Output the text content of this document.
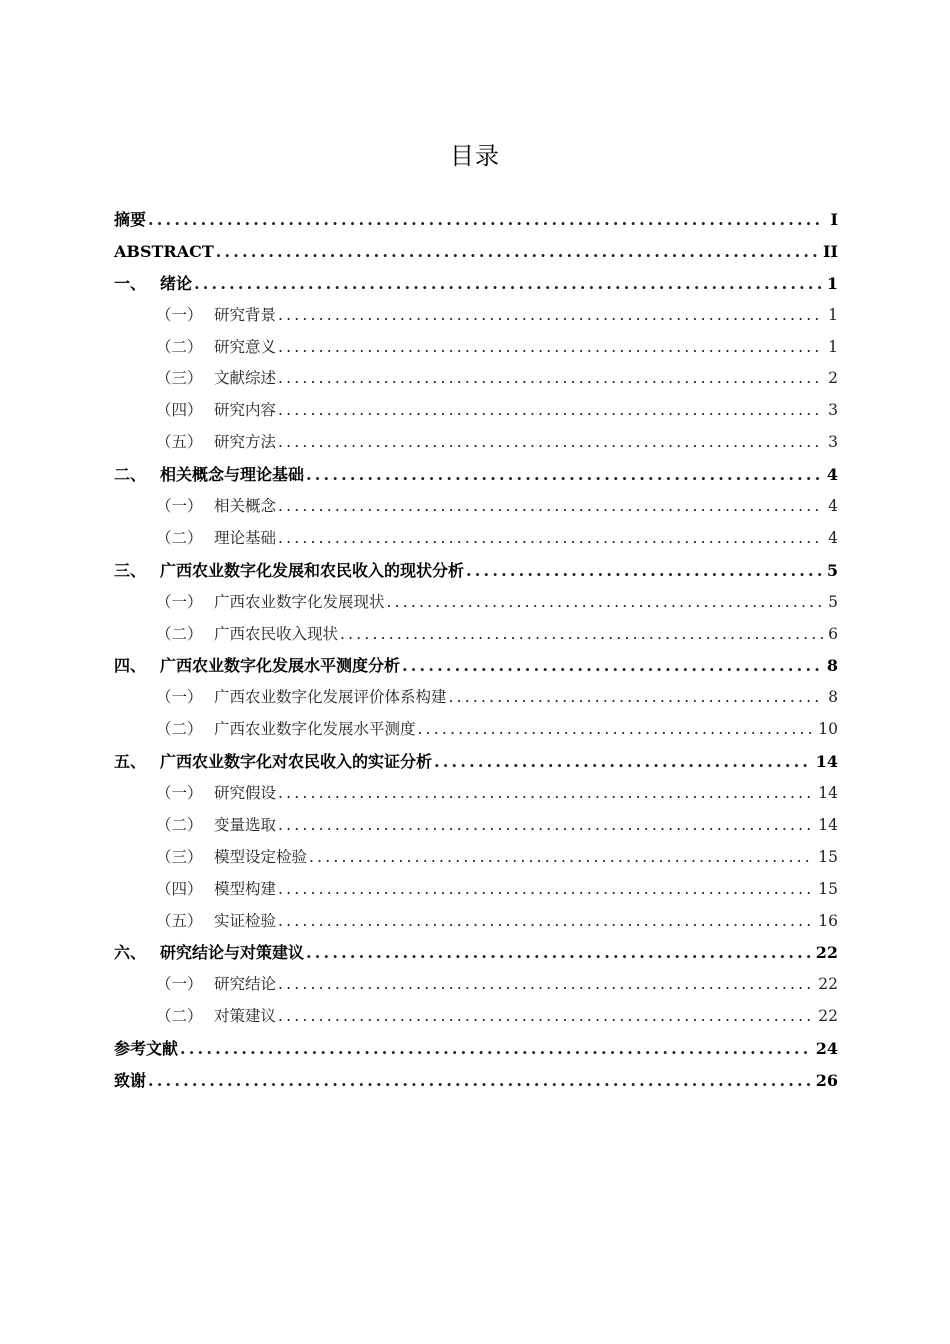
目录
摘要 .....	I
ABSTRACT .....	II
一、 绪论 .....	1
（一） 研究背景 .....	1
（二） 研究意义 .....	1
（三） 文献综述 .....	2
（四） 研究内容 .....	3
（五） 研究方法 .....	3
二、 相关概念与理论基础 .....	4
（一） 相关概念 .....	4
（二） 理论基础 .....	4
三、 广西农业数字化发展和农民收入的现状分析 .....	5
（一） 广西农业数字化发展现状 .....	5
（二） 广西农民收入现状 .....	6
四、 广西农业数字化发展水平测度分析 .....	8
（一） 广西农业数字化发展评价体系构建 .....	8
（二） 广西农业数字化发展水平测度 .....	10
五、 广西农业数字化对农民收入的实证分析 .....	14
（一） 研究假设 .....	14
（二） 变量选取 .....	14
（三） 模型设定检验 .....	15
（四） 模型构建 .....	15
（五） 实证检验 .....	16
六、 研究结论与对策建议 .....	22
（一） 研究结论 .....	22
（二） 对策建议 .....	22
参考文献 .....	24
致谢 .....	26
